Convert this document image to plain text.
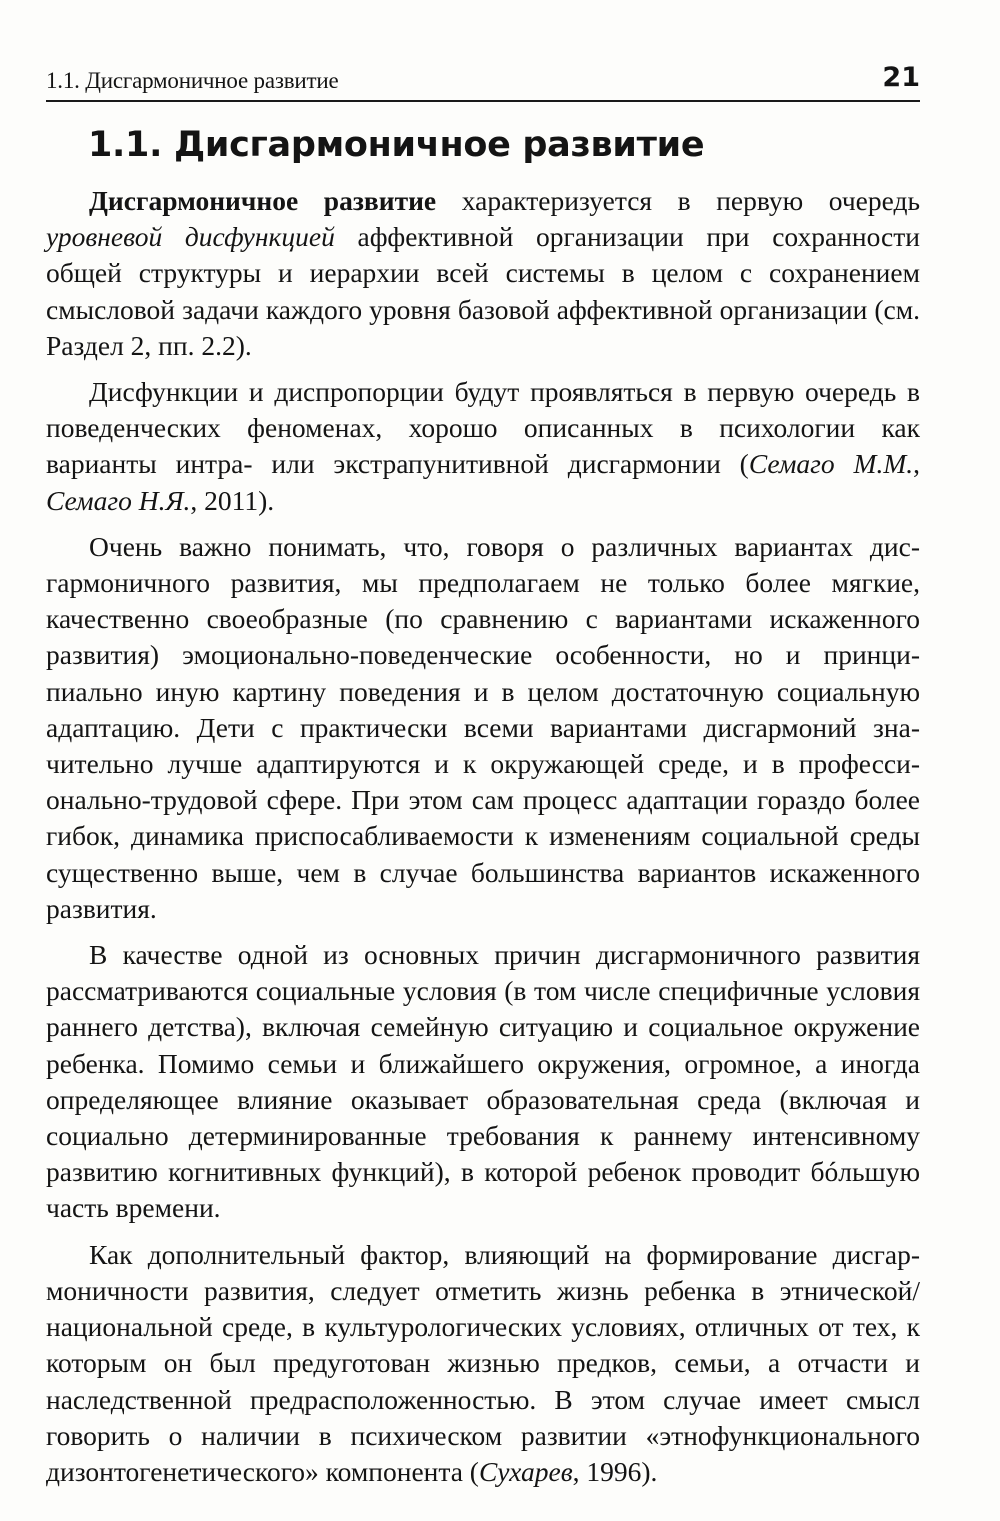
1.1. Дисгармоничное развитие	21
1.1. Дисгармоничное развитие

Дисгармоничное развитие характеризуется в первую очередь уровневой дисфункцией аффективной организации при сохранности общей структуры и иерархии всей системы в целом с сохранением смысловой задачи каждого уровня базовой аффективной организации (см. Раздел 2, пп. 2.2).

Дисфункции и диспропорции будут проявляться в первую очередь в поведенческих феноменах, хорошо описанных в психологии как варианты интра- или экстрапунитивной дисгармонии (Семаго М.М., Семаго Н.Я., 2011).

Очень важно понимать, что, говоря о различных вариантах дисгармоничного развития, мы предполагаем не только более мягкие, качественно своеобразные (по сравнению с вариантами искаженного развития) эмоционально-поведенческие особенности, но и принципиально иную картину поведения и в целом достаточную социальную адаптацию. Дети с практически всеми вариантами дисгармоний значительно лучше адаптируются и к окружающей среде, и в профессионально-трудовой сфере. При этом сам процесс адаптации гораздо более гибок, динамика приспосабливаемости к изменениям социальной среды существенно выше, чем в случае большинства вариантов искаженного развития.

В качестве одной из основных причин дисгармоничного развития рассматриваются социальные условия (в том числе специфичные условия раннего детства), включая семейную ситуацию и социальное окружение ребенка. Помимо семьи и ближайшего окружения, огромное, а иногда определяющее влияние оказывает образовательная среда (включая и социально детерминированные требования к раннему интенсивному развитию когнитивных функций), в которой ребенок проводит бóльшую часть времени.

Как дополнительный фактор, влияющий на формирование дисгармоничности развития, следует отметить жизнь ребенка в этнической/национальной среде, в культурологических условиях, отличных от тех, к которым он был предуготован жизнью предков, семьи, а отчасти и наследственной предрасположенностью. В этом случае имеет смысл говорить о наличии в психическом развитии «этнофункционального дизонтогенетического» компонента (Сухарев, 1996).
